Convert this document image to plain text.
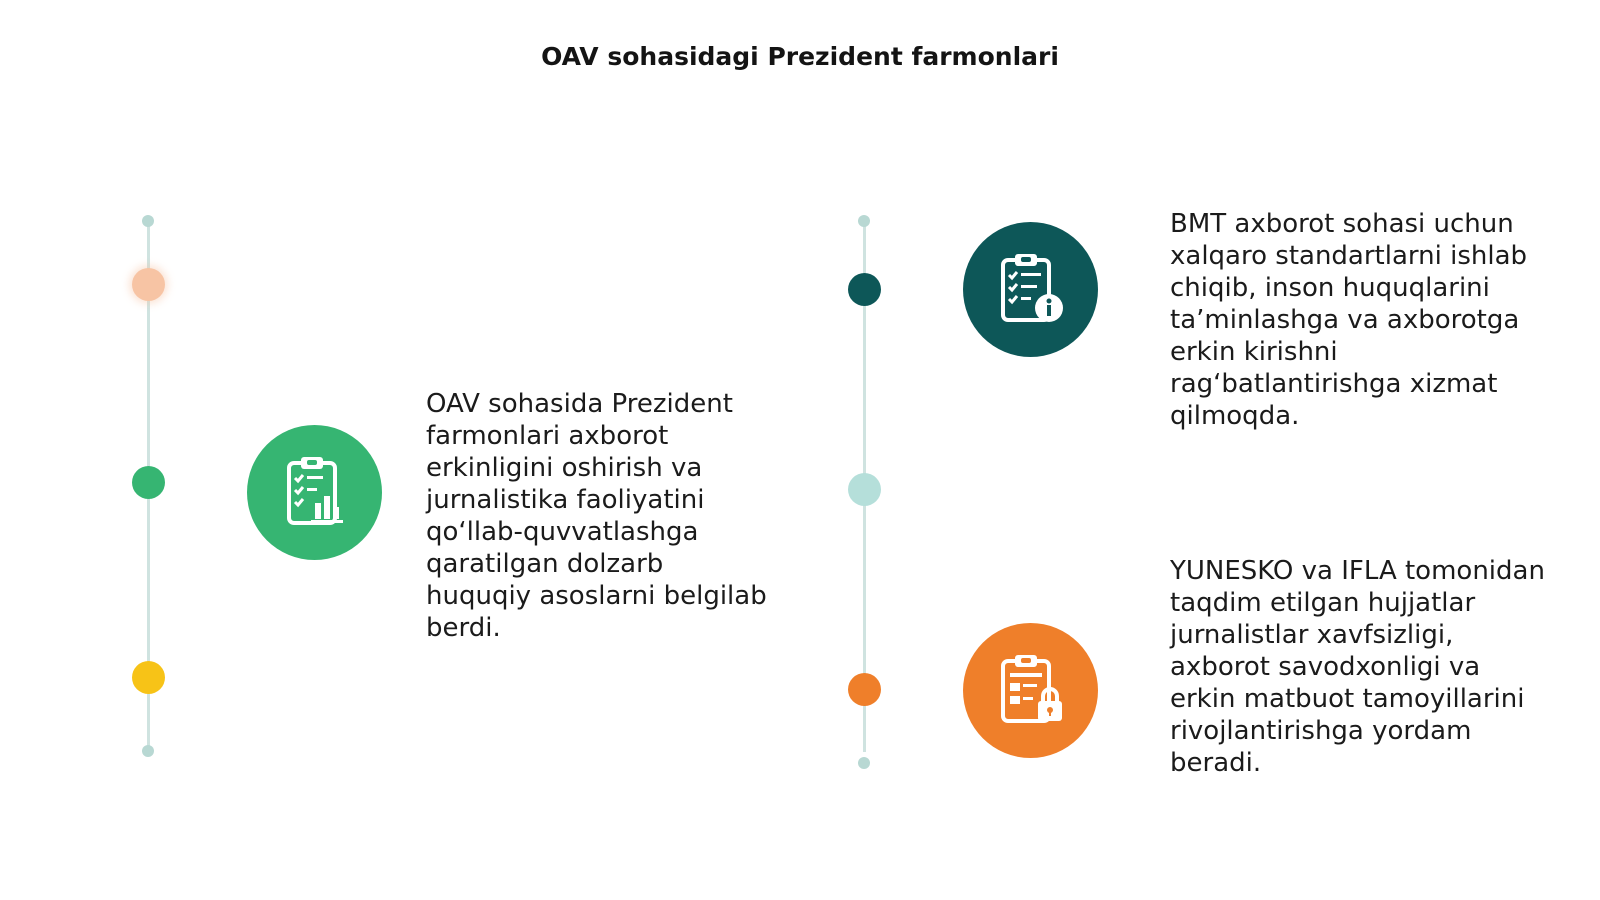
OAV sohasidagi Prezident farmonlari

OAV sohasida Prezident farmonlari axborot erkinligini oshirish va jurnalistika faoliyatini qo‘llab-quvvatlashga qaratilgan dolzarb huquqiy asoslarni belgilab berdi.

BMT axborot sohasi uchun xalqaro standartlarni ishlab chiqib, inson huquqlarini ta’minlashga va axborotga erkin kirishni rag‘batlantirishga xizmat qilmoqda.

YUNESKO va IFLA tomonidan taqdim etilgan hujjatlar jurnalistlar xavfsizligi, axborot savodxonligi va erkin matbuot tamoyillarini rivojlantirishga yordam beradi.
